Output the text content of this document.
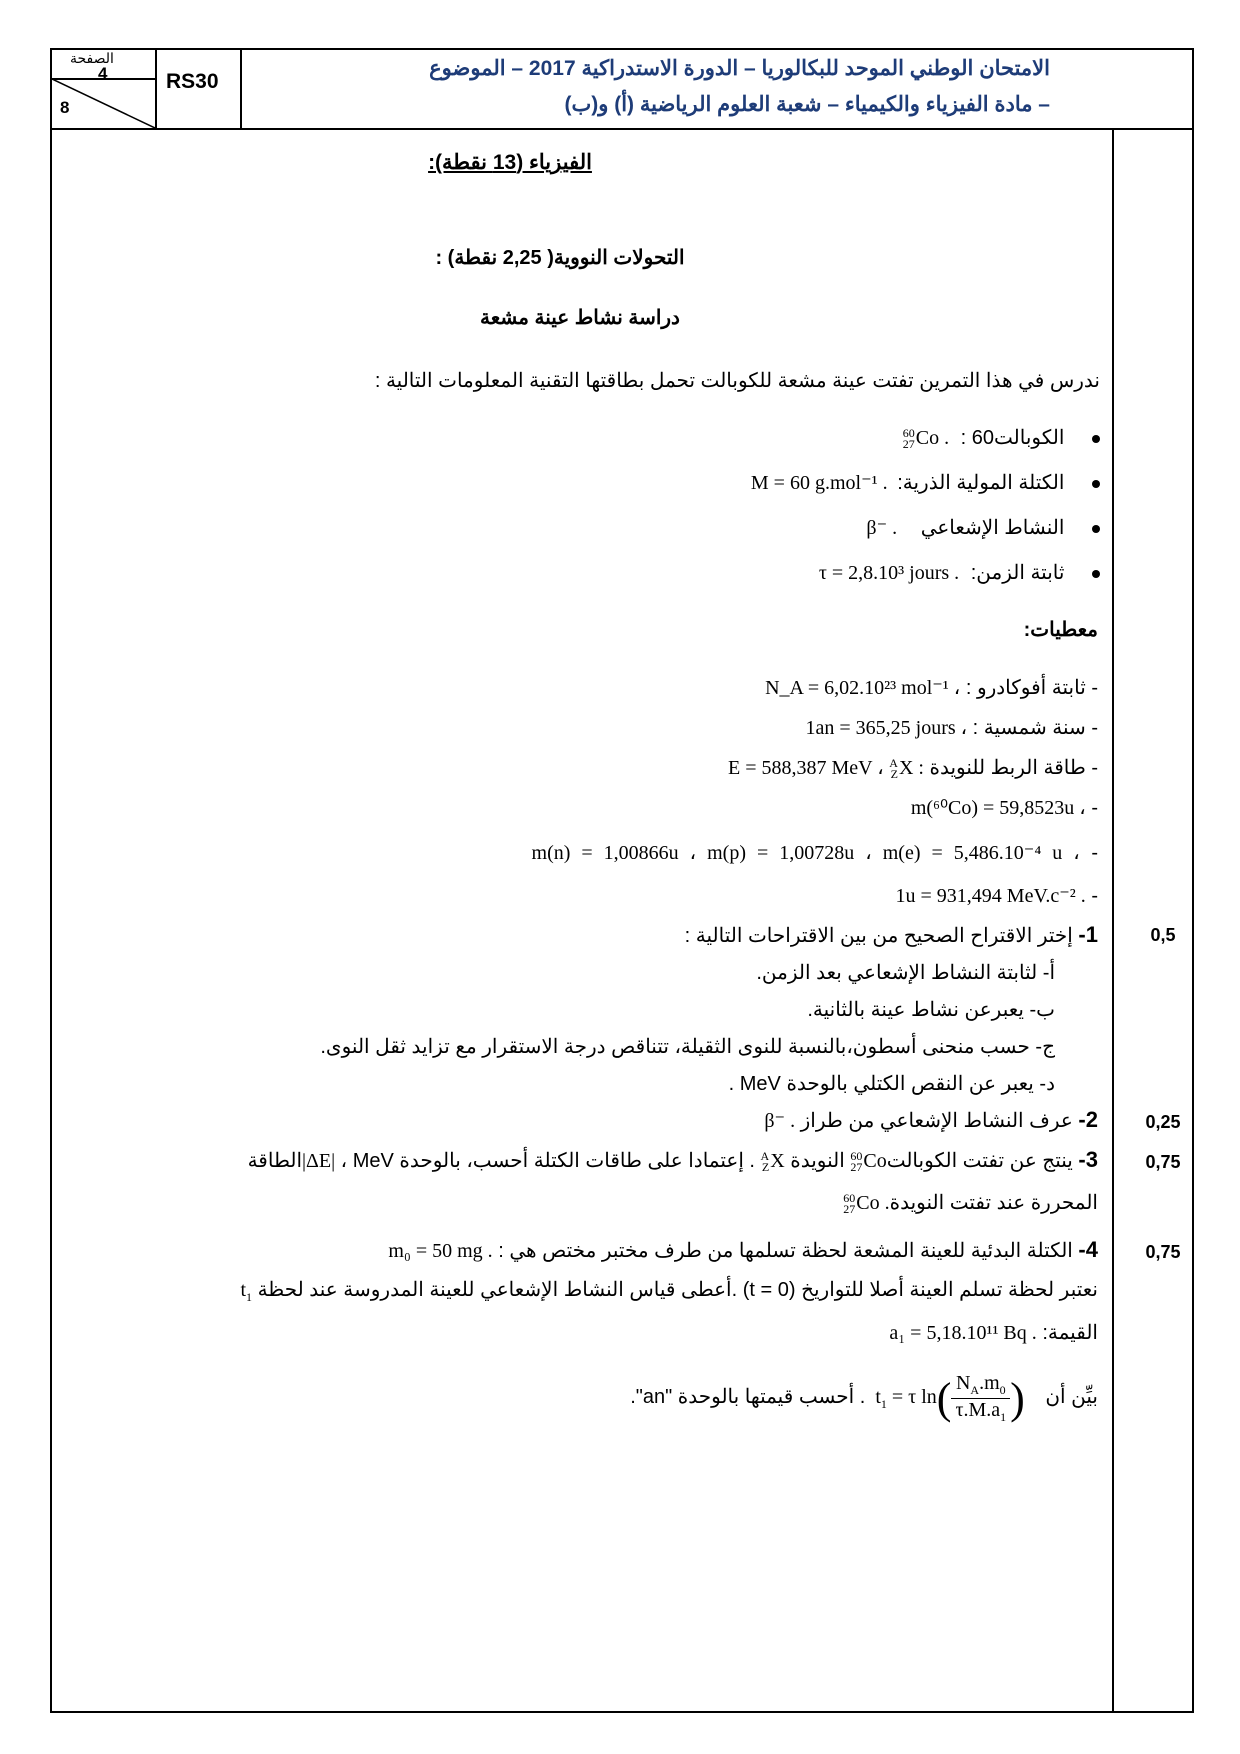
الصفحة
4
8
RS30
الامتحان الوطني الموحد للبكالوريا – الدورة الاستدراكية 2017 – الموضوع
– مادة الفيزياء والكيمياء – شعبة العلوم الرياضية (أ) و(ب)
الفيزياء (13 نقطة):
التحولات النووية( 2,25 نقطة) :
دراسة نشاط عينة مشعة
ندرس في هذا التمرين تفتت عينة مشعة للكوبالت تحمل بطاقتها التقنية المعلومات التالية :
الكوبالت60 : 60
27Co .
الكتلة المولية الذرية: M = 60 g.mol⁻¹ .
النشاط الإشعاعي β⁻ .
ثابتة الزمن: τ = 2,8.10³ jours .
معطيات:
- ثابتة أفوكادرو : N_A = 6,02.10²³ mol⁻¹ ،
- سنة شمسية : 1an = 365,25 jours ،
- طاقة الربط للنويدة A
ZX : E = 588,387 MeV ،
- m(⁶⁰Co) = 59,8523u ،
- m(n) = 1,00866u ، m(p) = 1,00728u ، m(e) = 5,486.10⁻⁴ u ،
- 1u = 931,494 MeV.c⁻² .
0,5
1- إختر الاقتراح الصحيح من بين الاقتراحات التالية :
أ- لثابتة النشاط الإشعاعي بعد الزمن.
ب- يعبرعن نشاط عينة بالثانية.
ج- حسب منحنى أسطون،بالنسبة للنوى الثقيلة، تتناقص درجة الاستقرار مع تزايد ثقل النوى.
د- يعبر عن النقص الكتلي بالوحدة MeV .
0,25
2- عرف النشاط الإشعاعي من طراز β⁻ .
0,75
3- ينتج عن تفتت الكوبالت60
27Co النويدة A
ZX . إعتمادا على طاقات الكتلة أحسب، بالوحدة MeV ، |ΔE|الطاقة
المحررة عند تفتت النويدة60
27Co .
0,75
4- الكتلة البدئية للعينة المشعة لحظة تسلمها من طرف مختبر مختص هي : m₀ = 50 mg .
نعتبر لحظة تسلم العينة أصلا للتواريخ (t = 0) .أعطى قياس النشاط الإشعاعي للعينة المدروسة عند لحظة $t_1$
القيمة: a₁ = 5,18.10¹¹ Bq .
بيِّن أن $t_1 = \tau$ $\ln( \frac{N_A.m_0}{\tau.M.a_1}$ ) . أحسب قيمتها بالوحدة "an".
